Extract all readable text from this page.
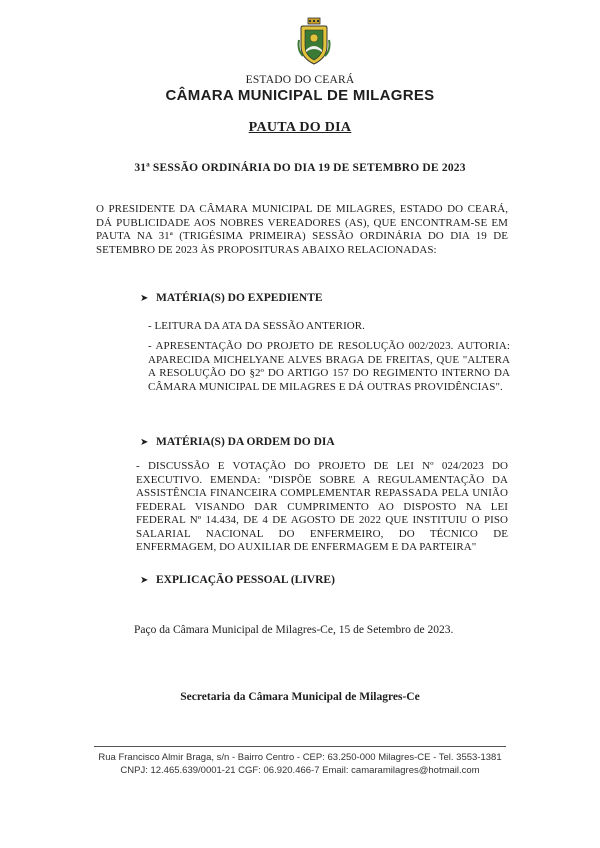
ESTADO DO CEARÁ
CÂMARA MUNICIPAL DE MILAGRES
PAUTA DO DIA
31ª SESSÃO ORDINÁRIA DO DIA 19 DE SETEMBRO DE 2023
O PRESIDENTE DA CÂMARA MUNICIPAL DE MILAGRES, ESTADO DO CEARÁ, DÁ PUBLICIDADE AOS NOBRES VEREADORES (AS), QUE ENCONTRAM-SE EM PAUTA NA 31ª (TRIGÉSIMA PRIMEIRA) SESSÃO ORDINÁRIA DO DIA 19 DE SETEMBRO DE 2023 ÀS PROPOSITURAS ABAIXO RELACIONADAS:
➤ MATÉRIA(S) DO EXPEDIENTE
- LEITURA DA ATA DA SESSÃO ANTERIOR.
- APRESENTAÇÃO DO PROJETO DE RESOLUÇÃO 002/2023. AUTORIA: APARECIDA MICHELYANE ALVES BRAGA DE FREITAS, QUE "ALTERA A RESOLUÇÃO DO §2º DO ARTIGO 157 DO REGIMENTO INTERNO DA CÂMARA MUNICIPAL DE MILAGRES E DÁ OUTRAS PROVIDÊNCIAS".
➤ MATÉRIA(S) DA ORDEM DO DIA
- DISCUSSÃO E VOTAÇÃO DO PROJETO DE LEI Nº 024/2023 DO EXECUTIVO. EMENDA: "DISPÕE SOBRE A REGULAMENTAÇÃO DA ASSISTÊNCIA FINANCEIRA COMPLEMENTAR REPASSADA PELA UNIÃO FEDERAL VISANDO DAR CUMPRIMENTO AO DISPOSTO NA LEI FEDERAL Nº 14.434, DE 4 DE AGOSTO DE 2022 QUE INSTITUIU O PISO SALARIAL NACIONAL DO ENFERMEIRO, DO TÉCNICO DE ENFERMAGEM, DO AUXILIAR DE ENFERMAGEM E DA PARTEIRA"
➤ EXPLICAÇÃO PESSOAL (LIVRE)
Paço da Câmara Municipal de Milagres-Ce, 15 de Setembro de 2023.
Secretaria da Câmara Municipal de Milagres-Ce
Rua Francisco Almir Braga, s/n - Bairro Centro - CEP: 63.250-000 Milagres-CE - Tel. 3553-1381
CNPJ: 12.465.639/0001-21 CGF: 06.920.466-7 Email: camaramilagres@hotmail.com
